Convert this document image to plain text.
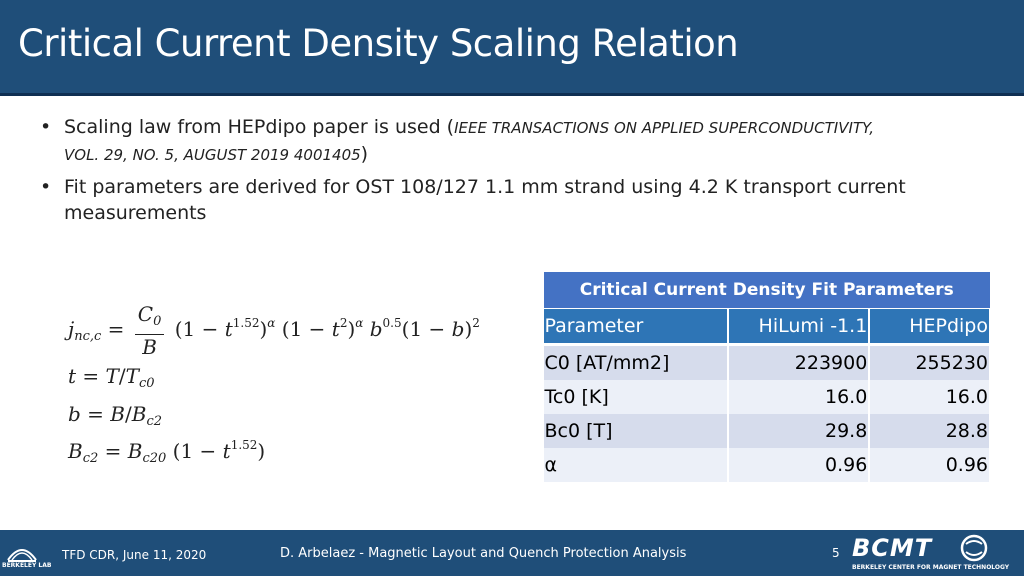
Critical Current Density Scaling Relation
• Scaling law from HEPdipo paper is used (IEEE TRANSACTIONS ON APPLIED SUPERCONDUCTIVITY,
VOL. 29, NO. 5, AUGUST 2019 4001405)
• Fit parameters are derived for OST 108/127 1.1 mm strand using 4.2 K transport current measurements
$j_{nc,c} = \frac{C_0}{B} (1 - t^{1.52})^\alpha$ $(1 - t^2)^\alpha$ $b^{0.5}(1 - b)^2$
$t = T/T_{c0}$
$b = B/B_{c2}$
$B_{c2} = B_{c20}$ $(1 - t^{1.52})$
Critical Current Density Fit Parameters		
Parameter	HiLumi -1.1	HEPdipo
C0 [AT/mm2]	223900	255230
Tc0 [K]	16.0	16.0
Bc0 [T]	29.8	28.8
α	0.96	0.96
BERKELEY LAB
TFD CDR, June 11, 2020	D. Arbelaez - Magnetic Layout and Quench Protection Analysis	5 BCMT
BERKELEY CENTER FOR MAGNET TECHNOLOGY
